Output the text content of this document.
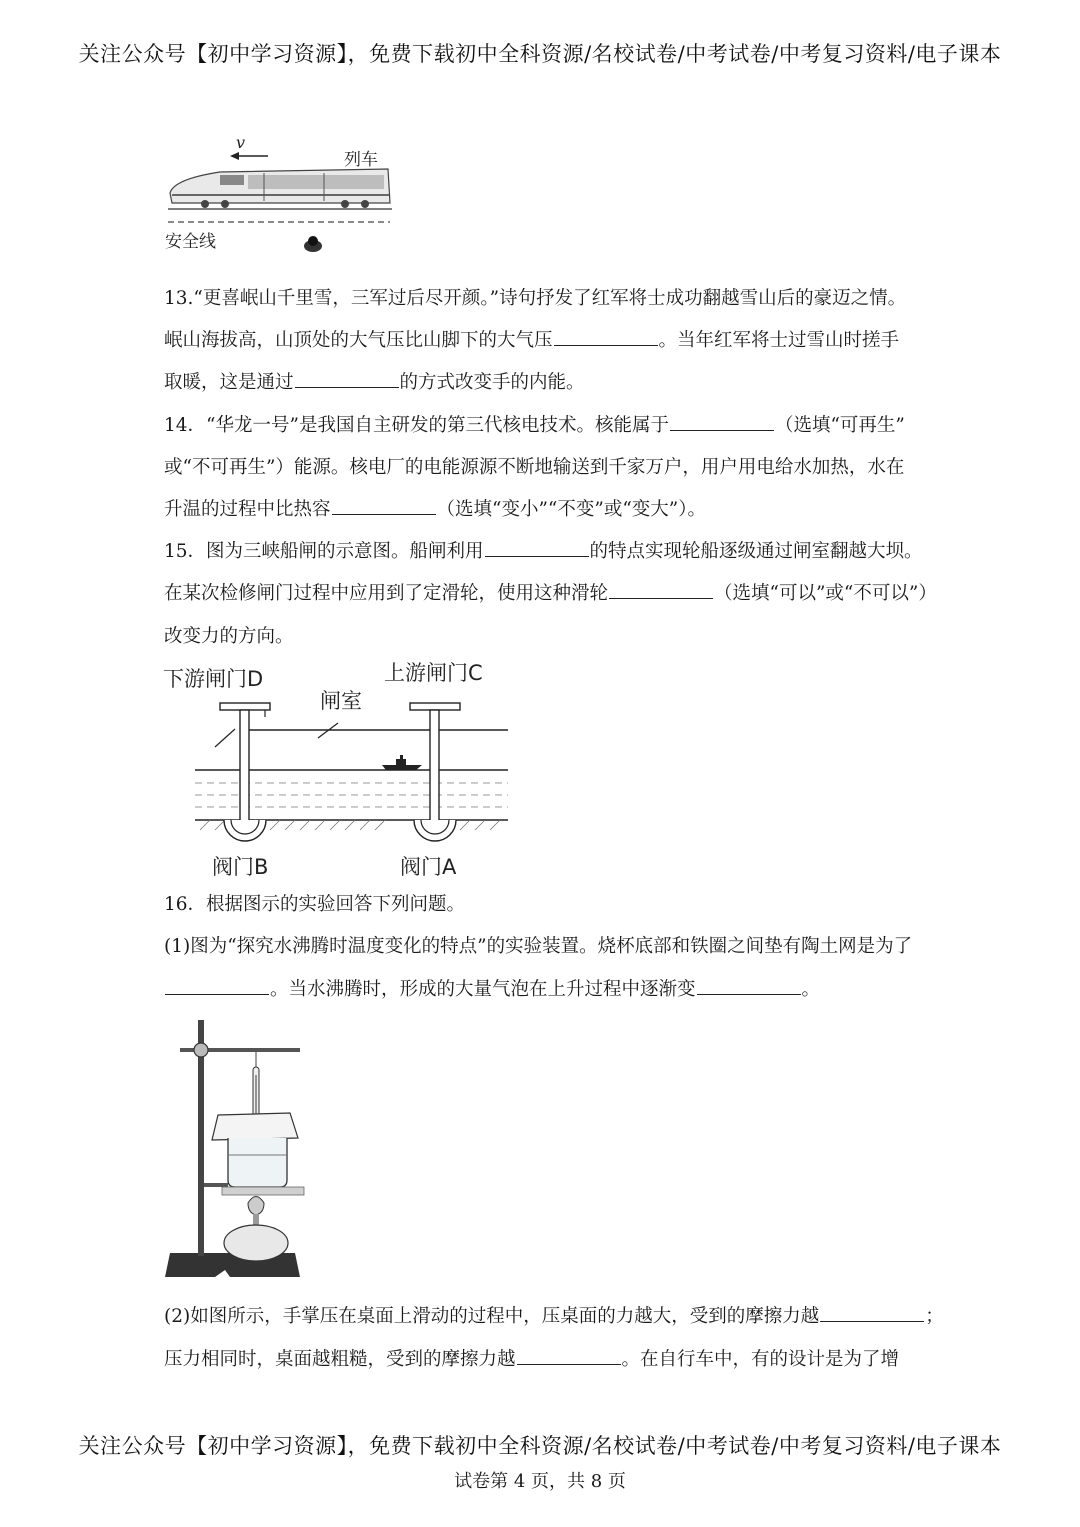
关注公众号【初中学习资源】，免费下载初中全科资源/名校试卷/中考试卷/中考复习资料/电子课本
v
列车
安全线
13.“更喜岷山千里雪，三军过后尽开颜。”诗句抒发了红军将士成功翻越雪山后的豪迈之情。
岷山海拔高，山顶处的大气压比山脚下的大气压	。当年红军将士过雪山时搓手
取暖，这是通过	的方式改变手的内能。
14．“华龙一号”是我国自主研发的第三代核电技术。核能属于	（选填“可再生”
或“不可再生”）能源。核电厂的电能源源不断地输送到千家万户，用户用电给水加热，水在
升温的过程中比热容	（选填“变小”“不变”或“变大”）。
15．图为三峡船闸的示意图。船闸利用	的特点实现轮船逐级通过闸室翻越大坝。
在某次检修闸门过程中应用到了定滑轮，使用这种滑轮	（选填“可以”或“不可以”）
改变力的方向。
下游闸门D	上游闸门C
闸室
阀门B	阀门A
16．根据图示的实验回答下列问题。
(1)图为“探究水沸腾时温度变化的特点”的实验装置。烧杯底部和铁圈之间垫有陶土网是为了
。当水沸腾时，形成的大量气泡在上升过程中逐渐变	。
(2)如图所示，手掌压在桌面上滑动的过程中，压桌面的力越大，受到的摩擦力越	；
压力相同时，桌面越粗糙，受到的摩擦力越	。在自行车中，有的设计是为了增
关注公众号【初中学习资源】，免费下载初中全科资源/名校试卷/中考试卷/中考复习资料/电子课本
试卷第 4 页，共 8 页
